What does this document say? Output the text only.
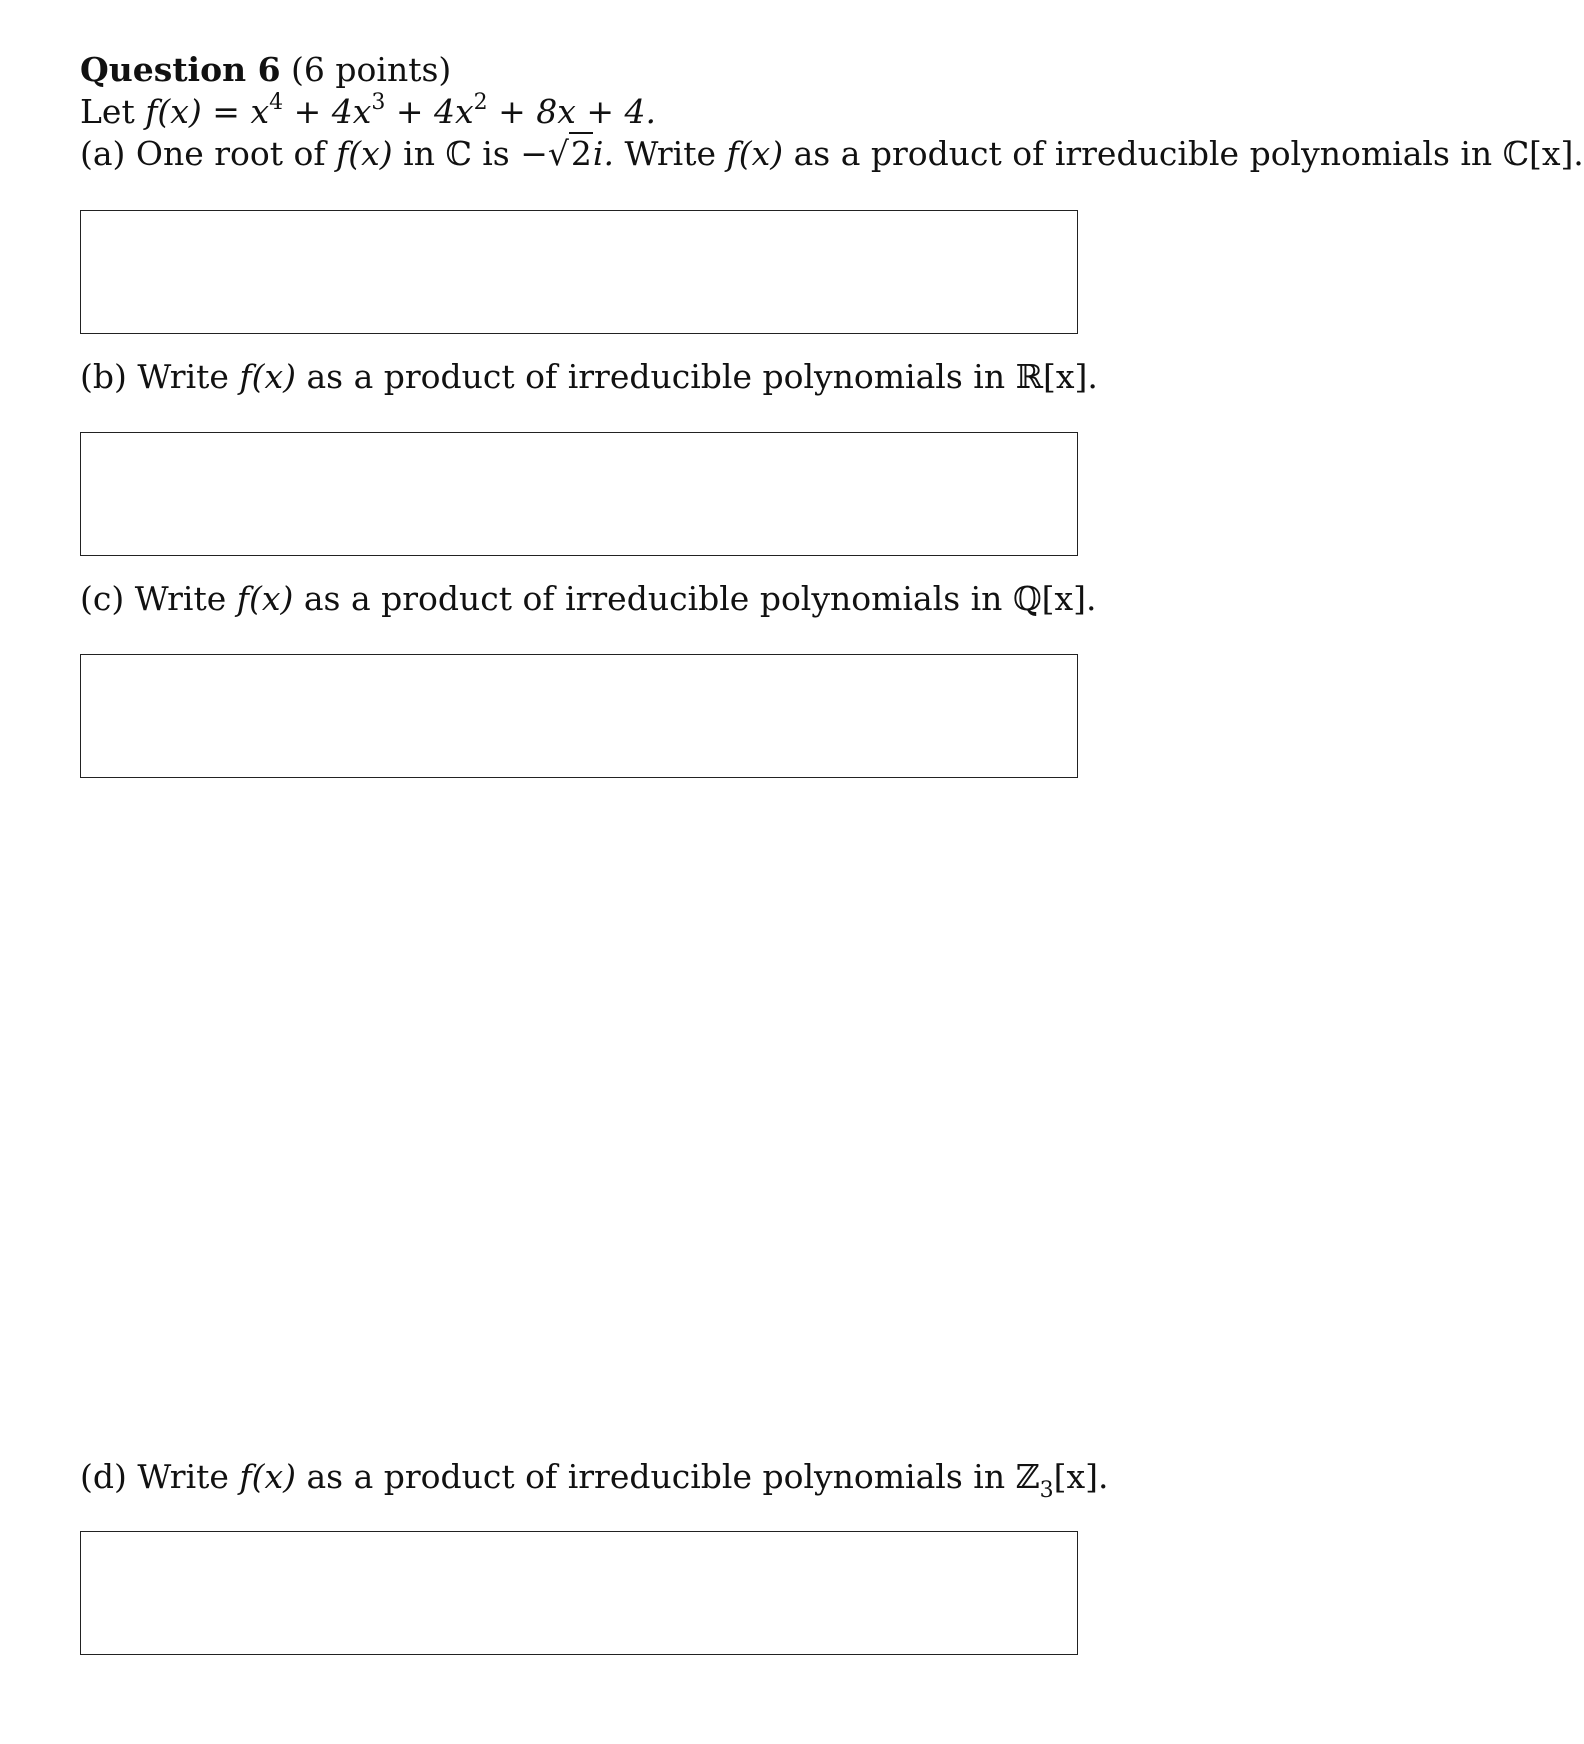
Question 6 (6 points)
Let $f(x) = x^4 + 4x^3 + 4x^2 + 8x + 4$.
(a) One root of f(x) in ℂ is −√2i. Write f(x) as a product of irreducible polynomials in ℂ[x].
(b) Write f(x) as a product of irreducible polynomials in ℝ[x].
(c) Write f(x) as a product of irreducible polynomials in ℚ[x].
(d) Write f(x) as a product of irreducible polynomials in ℤ$_3$[x].
